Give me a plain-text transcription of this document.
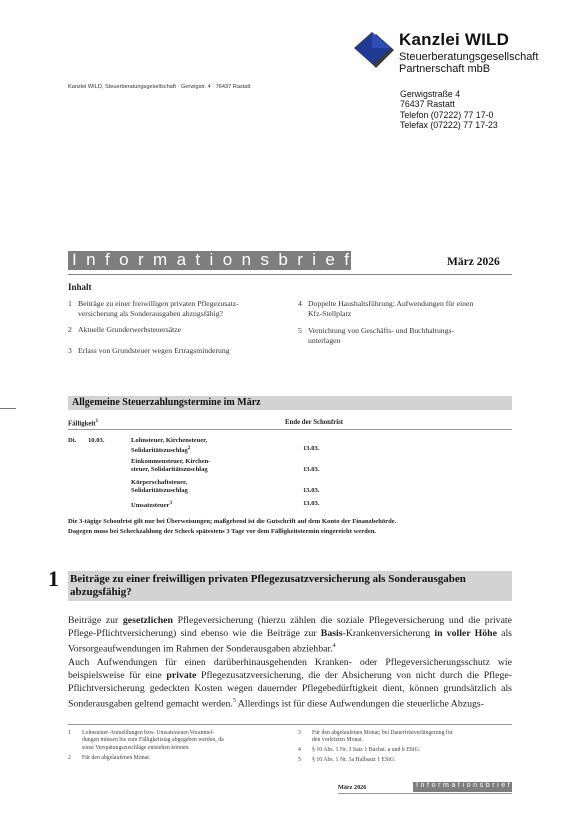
Kanzlei WILD
Steuerberatungsgesellschaft
Partnerschaft mbB
Kanzlei WILD, Steuerberatungsgesellschaft · Gerwigstr. 4 · 76437 Rastatt
Gerwigstraße 4
76437 Rastatt
Telefon (07222) 77 17-0
Telefax (07222) 77 17-23
Informationsbrief	März 2026
Inhalt
1 Beiträge zu einer freiwilligen privaten Pflegezusatz-
versicherung als Sonderausgaben abzugsfähig?
2 Aktuelle Grunderwerbsteuersätze
3 Erlass von Grundsteuer wegen Ertragsminderung
4 Doppelte Haushaltsführung: Aufwendungen für einen
Kfz-Stellplatz
5 Vernichtung von Geschäfts- und Buchhaltungs-
unterlagen
Allgemeine Steuerzahlungstermine im März
Fälligkeit$^1$	Ende der Schonfrist
Di. 10.03.	Lohnsteuer, Kirchensteuer,
Solidaritätszuschlag$^2$	13.03.
Einkommensteuer, Kirchen-
steuer, Solidaritätszuschlag	13.03.
Körperschaftsteuer,
Solidaritätszuschlag	13.03.
Umsatzsteuer$^3$	13.03.
Die 3-tägige Schonfrist gilt nur bei Überweisungen; maßgebend ist die Gutschrift auf dem Konto der Finanzbehörde.
Dagegen muss bei Scheckzahlung der Scheck spätestens 3 Tage vor dem Fälligkeitstermin eingereicht werden.
1 Beiträge zu einer freiwilligen privaten Pflegezusatzversicherung als Sonderausgaben abzugsfähig?
Beiträge zur gesetzlichen Pflegeversicherung (hierzu zählen die soziale Pflegeversicherung und die private Pflege-Pflichtversicherung) sind ebenso wie die Beiträge zur Basis-Krankenversicherung in voller Höhe als Vorsorgeaufwendungen im Rahmen der Sonderausgaben abziehbar.$^4$
Auch Aufwendungen für einen darüberhinausgehenden Kranken- oder Pflegeversicherungsschutz wie beispielsweise für eine private Pflegezusatzversicherung, die der Absicherung von nicht durch die Pflege-Pflichtversicherung gedeckten Kosten wegen dauernder Pflegebedürftigkeit dient, können grundsätzlich als Sonderausgaben geltend gemacht werden.$^5$ Allerdings ist für diese Aufwendungen die steuerliche Abzugs-
1 Lohnsteuer-Anmeldungen bzw. Umsatzsteuer-Voranmel-
dungen müssen bis zum Fälligkeitstag abgegeben werden, da
sonst Verspätungszuschläge entstehen können.
2 Für den abgelaufenen Monat.
3 Für den abgelaufenen Monat; bei Dauerfristverlängerung für
den vorletzten Monat.
4 § 10 Abs. 1 Nr. 3 Satz 1 Buchst. a und b EStG.
5 § 10 Abs. 1 Nr. 3a Halbsatz 1 EStG.
März 2026	Informationsbrief
